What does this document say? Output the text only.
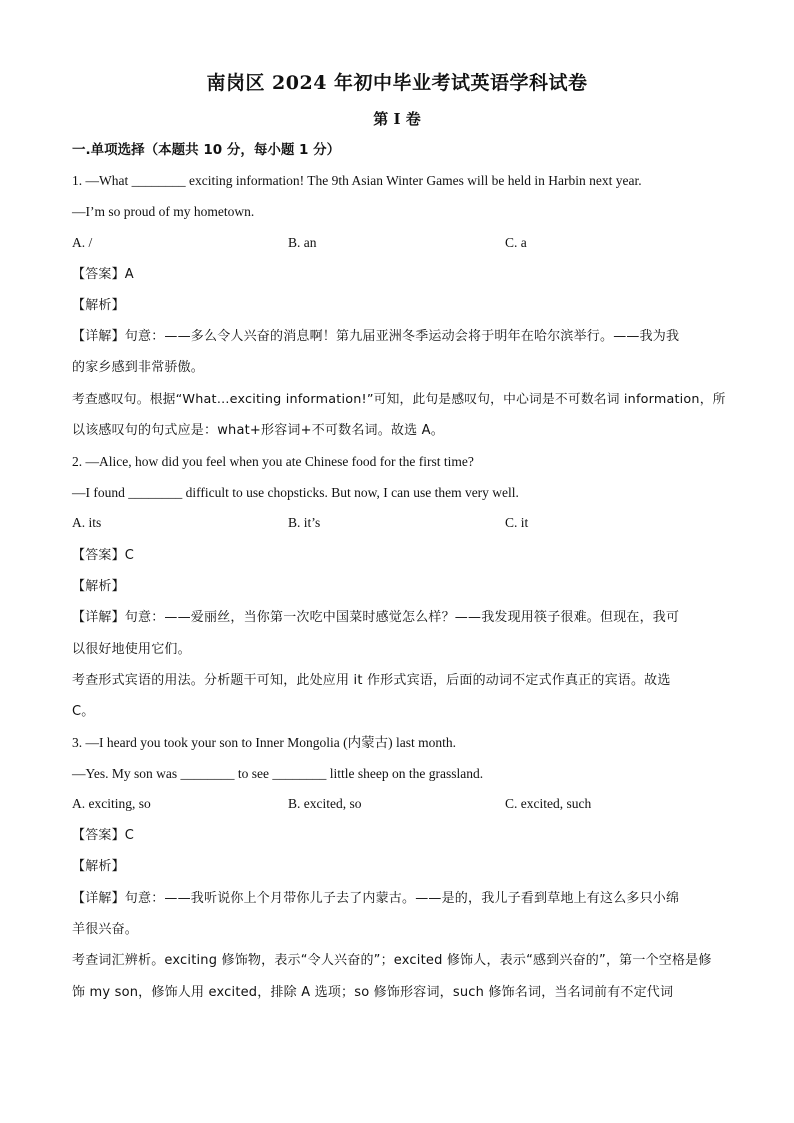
南岗区 2024 年初中毕业考试英语学科试卷
第 I 卷
一.单项选择（本题共 10 分，每小题 1 分）
1. —What ________ exciting information! The 9th Asian Winter Games will be held in Harbin next year.
—I’m so proud of my hometown.
A. /	B. an	C. a
【答案】A
【解析】
【详解】句意：——多么令人兴奋的消息啊！第九届亚洲冬季运动会将于明年在哈尔滨举行。——我为我
的家乡感到非常骄傲。
考查感叹句。根据“What…exciting information!”可知，此句是感叹句，中心词是不可数名词 information，所
以该感叹句的句式应是：what+形容词+不可数名词。故选 A。
2. —Alice, how did you feel when you ate Chinese food for the first time?
—I found ________ difficult to use chopsticks. But now, I can use them very well.
A. its	B. it’s	C. it
【答案】C
【解析】
【详解】句意：——爱丽丝，当你第一次吃中国菜时感觉怎么样？——我发现用筷子很难。但现在，我可
以很好地使用它们。
考查形式宾语的用法。分析题干可知，此处应用 it 作形式宾语，后面的动词不定式作真正的宾语。故选
C。
3. —I heard you took your son to Inner Mongolia (内蒙古) last month.
—Yes. My son was ________ to see ________ little sheep on the grassland.
A. exciting, so	B. excited, so	C. excited, such
【答案】C
【解析】
【详解】句意：——我听说你上个月带你儿子去了内蒙古。——是的，我儿子看到草地上有这么多只小绵
羊很兴奋。
考查词汇辨析。exciting 修饰物，表示“令人兴奋的”；excited 修饰人，表示“感到兴奋的”，第一个空格是修
饰 my son，修饰人用 excited，排除 A 选项；so 修饰形容词，such 修饰名词，当名词前有不定代词
